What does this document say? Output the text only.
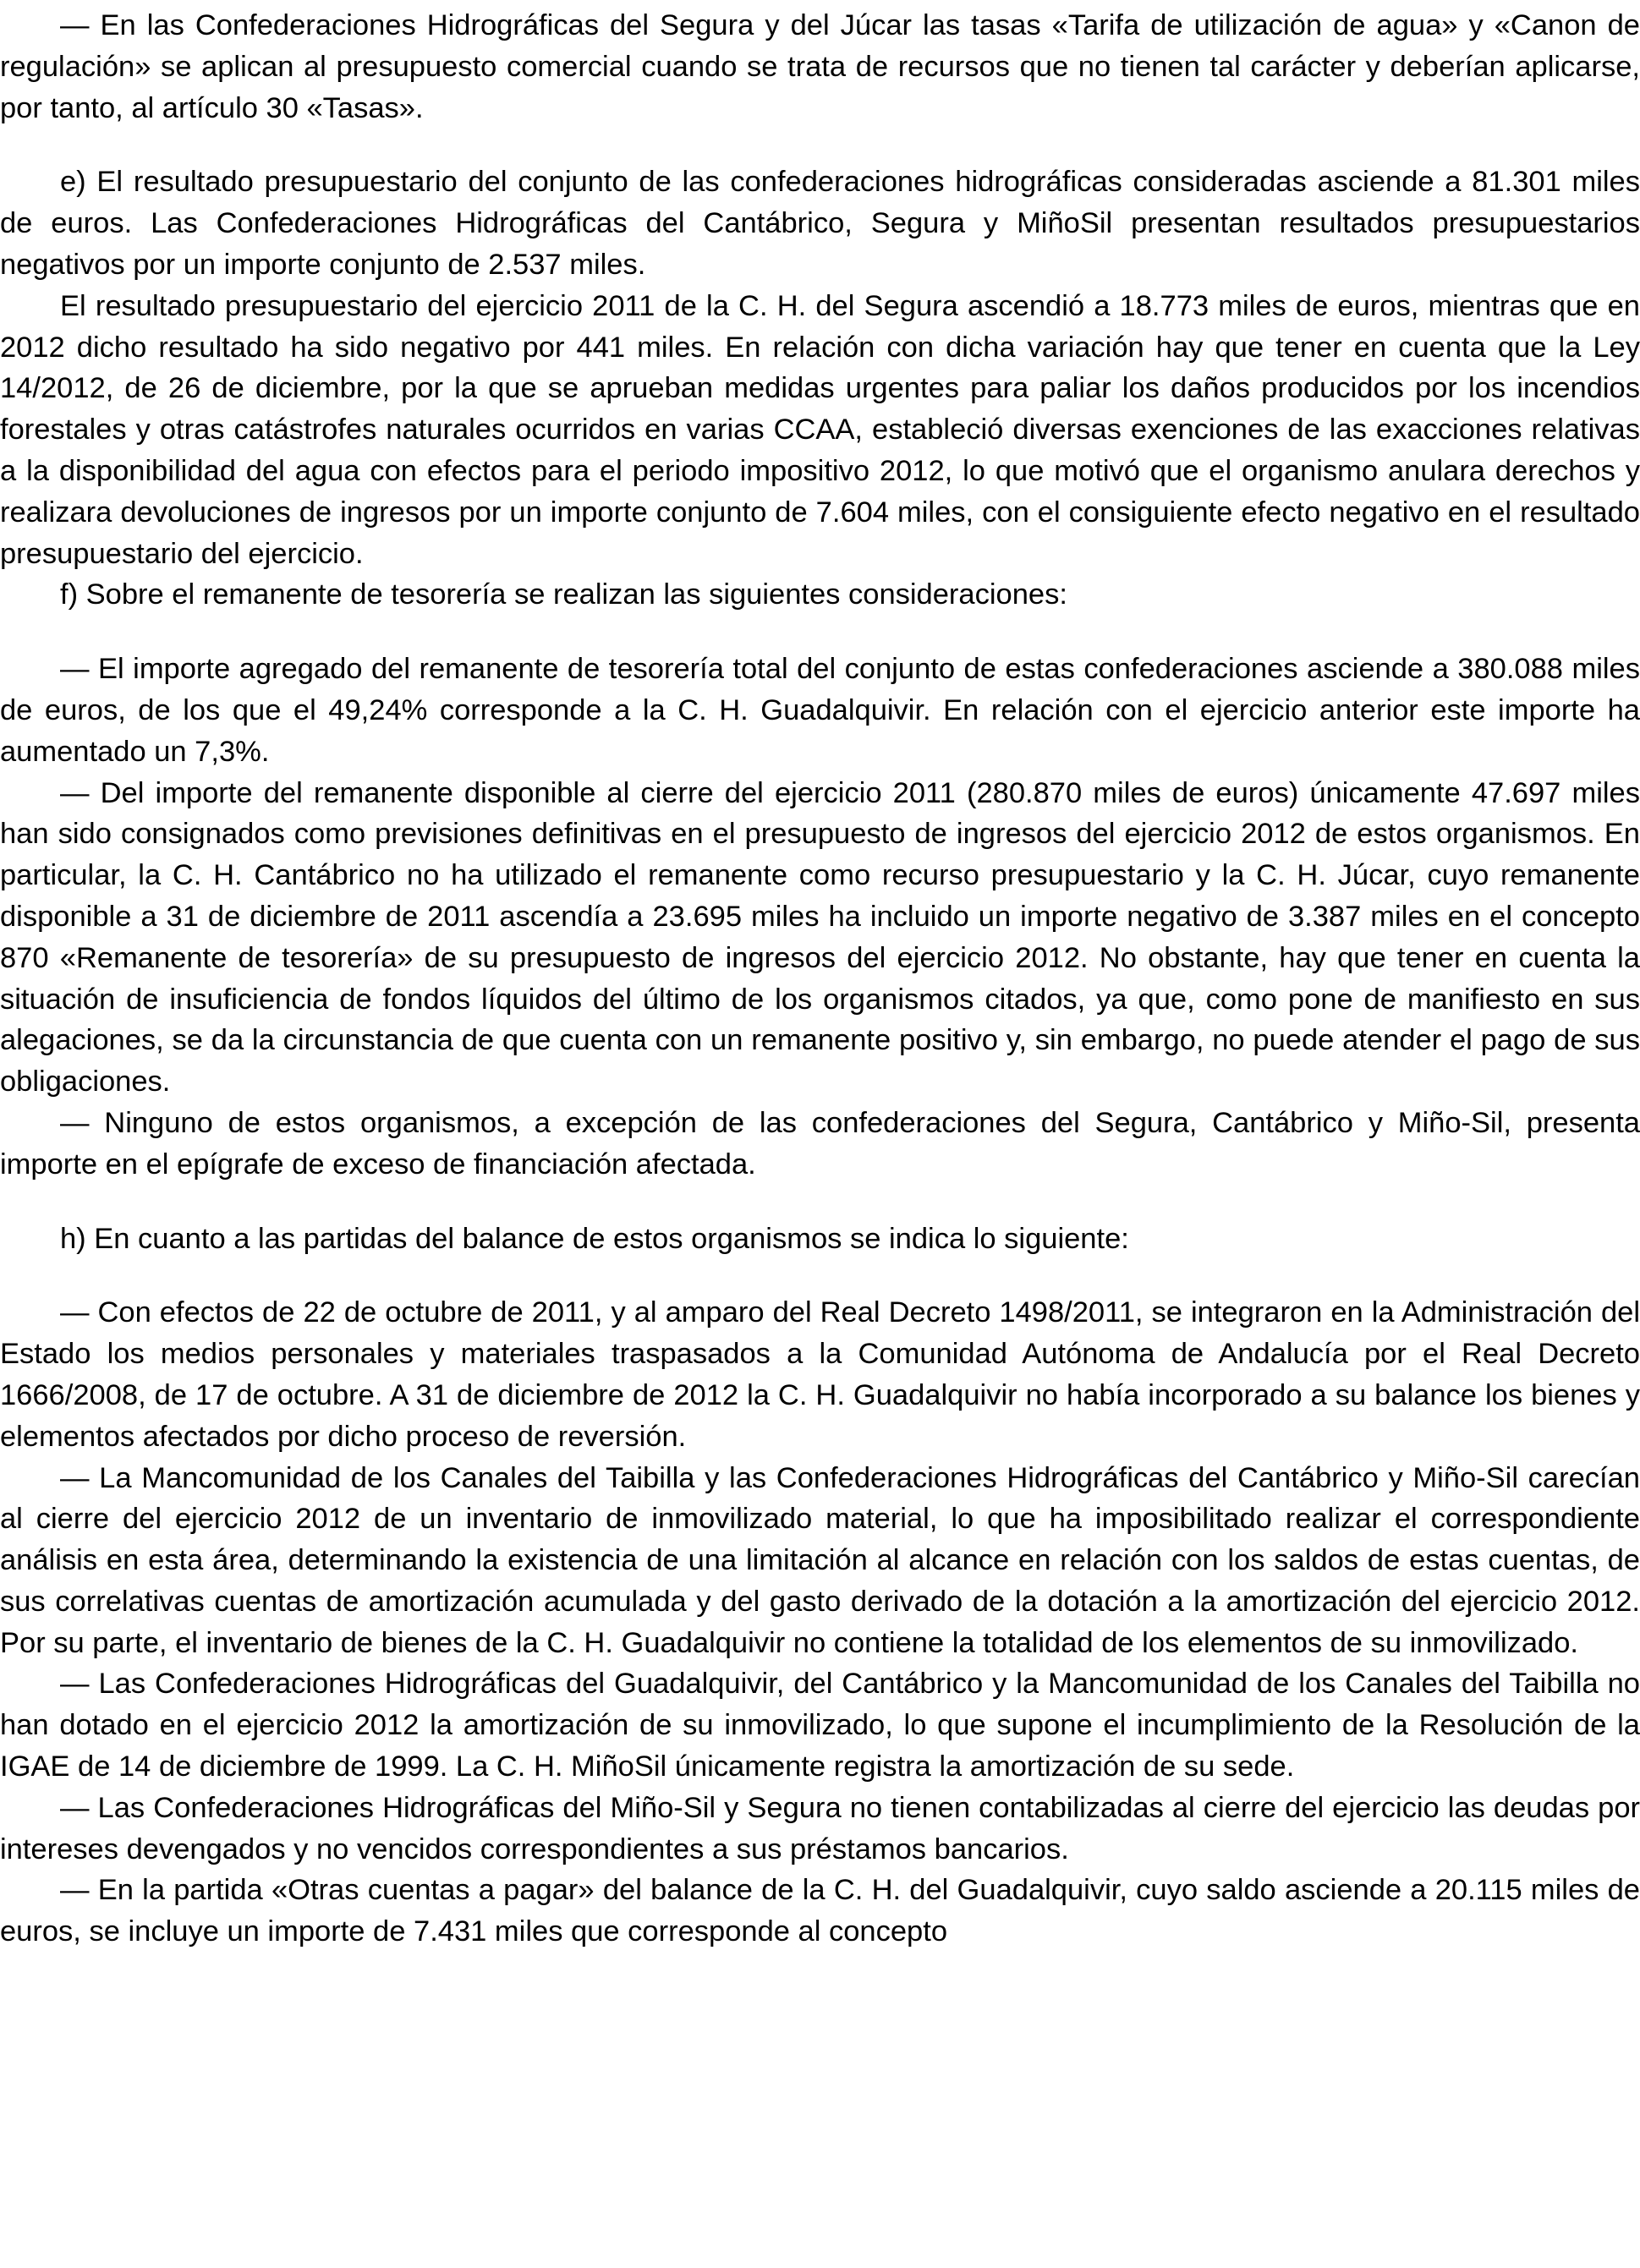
— En las Confederaciones Hidrográficas del Segura y del Júcar las tasas «Tarifa de utilización de agua» y «Canon de regulación» se aplican al presupuesto comercial cuando se trata de recursos que no tienen tal carácter y deberían aplicarse, por tanto, al artículo 30 «Tasas».

e) El resultado presupuestario del conjunto de las confederaciones hidrográficas consideradas asciende a 81.301 miles de euros. Las Confederaciones Hidrográficas del Cantábrico, Segura y MiñoSil presentan resultados presupuestarios negativos por un importe conjunto de 2.537 miles.

El resultado presupuestario del ejercicio 2011 de la C. H. del Segura ascendió a 18.773 miles de euros, mientras que en 2012 dicho resultado ha sido negativo por 441 miles. En relación con dicha variación hay que tener en cuenta que la Ley 14/2012, de 26 de diciembre, por la que se aprueban medidas urgentes para paliar los daños producidos por los incendios forestales y otras catástrofes naturales ocurridos en varias CCAA, estableció diversas exenciones de las exacciones relativas a la disponibilidad del agua con efectos para el periodo impositivo 2012, lo que motivó que el organismo anulara derechos y realizara devoluciones de ingresos por un importe conjunto de 7.604 miles, con el consiguiente efecto negativo en el resultado presupuestario del ejercicio.

f) Sobre el remanente de tesorería se realizan las siguientes consideraciones:

— El importe agregado del remanente de tesorería total del conjunto de estas confederaciones asciende a 380.088 miles de euros, de los que el 49,24% corresponde a la C. H. Guadalquivir. En relación con el ejercicio anterior este importe ha aumentado un 7,3%.

— Del importe del remanente disponible al cierre del ejercicio 2011 (280.870 miles de euros) únicamente 47.697 miles han sido consignados como previsiones definitivas en el presupuesto de ingresos del ejercicio 2012 de estos organismos. En particular, la C. H. Cantábrico no ha utilizado el remanente como recurso presupuestario y la C. H. Júcar, cuyo remanente disponible a 31 de diciembre de 2011 ascendía a 23.695 miles ha incluido un importe negativo de 3.387 miles en el concepto 870 «Remanente de tesorería» de su presupuesto de ingresos del ejercicio 2012. No obstante, hay que tener en cuenta la situación de insuficiencia de fondos líquidos del último de los organismos citados, ya que, como pone de manifiesto en sus alegaciones, se da la circunstancia de que cuenta con un remanente positivo y, sin embargo, no puede atender el pago de sus obligaciones.

— Ninguno de estos organismos, a excepción de las confederaciones del Segura, Cantábrico y Miño-Sil, presenta importe en el epígrafe de exceso de financiación afectada.

h) En cuanto a las partidas del balance de estos organismos se indica lo siguiente:

— Con efectos de 22 de octubre de 2011, y al amparo del Real Decreto 1498/2011, se integraron en la Administración del Estado los medios personales y materiales traspasados a la Comunidad Autónoma de Andalucía por el Real Decreto 1666/2008, de 17 de octubre. A 31 de diciembre de 2012 la C. H. Guadalquivir no había incorporado a su balance los bienes y elementos afectados por dicho proceso de reversión.

— La Mancomunidad de los Canales del Taibilla y las Confederaciones Hidrográficas del Cantábrico y Miño-Sil carecían al cierre del ejercicio 2012 de un inventario de inmovilizado material, lo que ha imposibilitado realizar el correspondiente análisis en esta área, determinando la existencia de una limitación al alcance en relación con los saldos de estas cuentas, de sus correlativas cuentas de amortización acumulada y del gasto derivado de la dotación a la amortización del ejercicio 2012. Por su parte, el inventario de bienes de la C. H. Guadalquivir no contiene la totalidad de los elementos de su inmovilizado.

— Las Confederaciones Hidrográficas del Guadalquivir, del Cantábrico y la Mancomunidad de los Canales del Taibilla no han dotado en el ejercicio 2012 la amortización de su inmovilizado, lo que supone el incumplimiento de la Resolución de la IGAE de 14 de diciembre de 1999. La C. H. MiñoSil únicamente registra la amortización de su sede.

— Las Confederaciones Hidrográficas del Miño-Sil y Segura no tienen contabilizadas al cierre del ejercicio las deudas por intereses devengados y no vencidos correspondientes a sus préstamos bancarios.

— En la partida «Otras cuentas a pagar» del balance de la C. H. del Guadalquivir, cuyo saldo asciende a 20.115 miles de euros, se incluye un importe de 7.431 miles que corresponde al concepto
